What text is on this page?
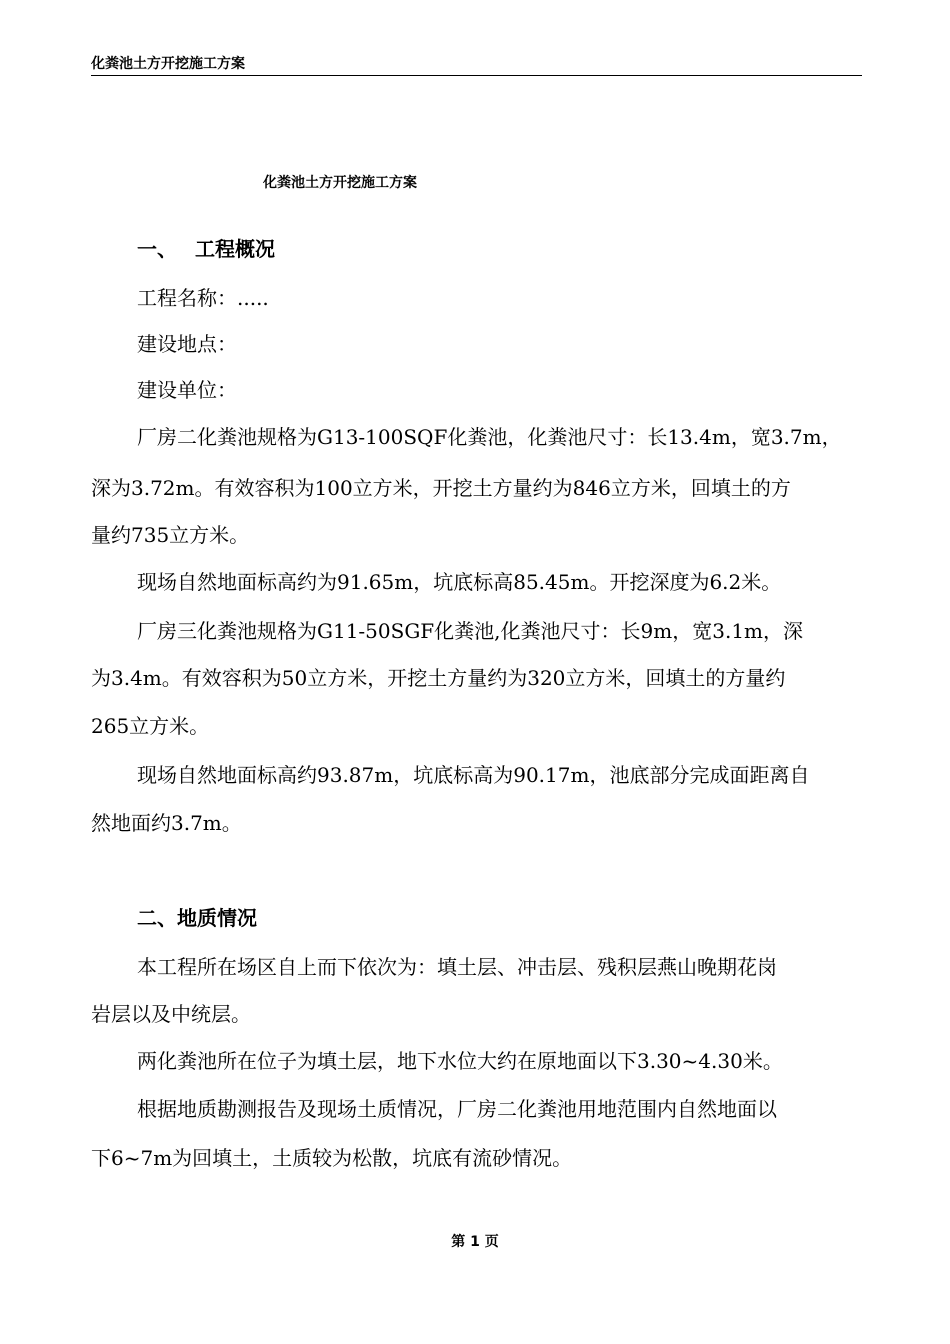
化粪池土方开挖施工方案
化粪池土方开挖施工方案
一、 工程概况
工程名称：.....
建设地点：
建设单位：
厂房二化粪池规格为G13-100SQF化粪池，化粪池尺寸：长13.4m，宽3.7m，
深为3.72m。有效容积为100立方米，开挖土方量约为846立方米，回填土的方
量约735立方米。
现场自然地面标高约为91.65m，坑底标高85.45m。开挖深度为6.2米。
厂房三化粪池规格为G11-50SGF化粪池,化粪池尺寸：长9m，宽3.1m，深
为3.4m。有效容积为50立方米，开挖土方量约为320立方米，回填土的方量约
265立方米。
现场自然地面标高约93.87m，坑底标高为90.17m，池底部分完成面距离自
然地面约3.7m。
二、地质情况
本工程所在场区自上而下依次为：填土层、冲击层、残积层燕山晚期花岗
岩层以及中统层。
两化粪池所在位子为填土层，地下水位大约在原地面以下3.30~4.30米。
根据地质勘测报告及现场土质情况，厂房二化粪池用地范围内自然地面以
下6~7m为回填土，土质较为松散，坑底有流砂情况。
第 1 页
